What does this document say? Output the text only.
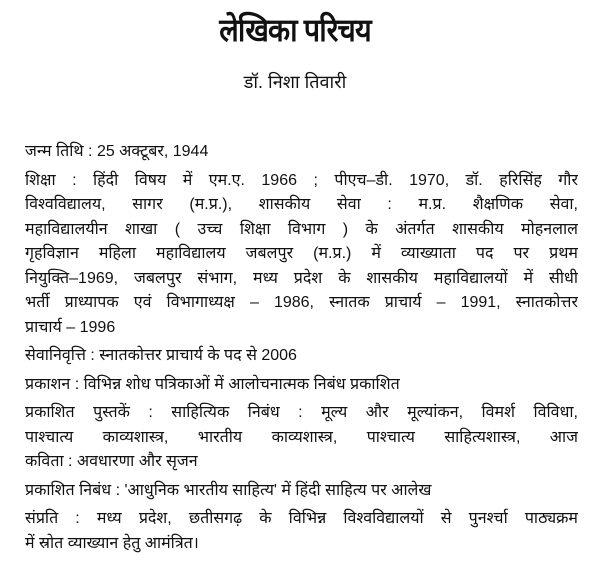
लेखिका परिचय
डॉ. निशा तिवारी
जन्म तिथि : 25 अक्टूबर, 1944
शिक्षा : हिंदी विषय में एम.ए. 1966 ; पीएच–डी. 1970, डॉ. हरिसिंह गौर
विश्वविद्यालय, सागर (म.प्र.), शासकीय सेवा : म.प्र. शैक्षणिक सेवा,
महाविद्यालयीन शाखा ( उच्च शिक्षा विभाग ) के अंतर्गत शासकीय मोहनलाल
गृहविज्ञान महिला महाविद्यालय जबलपुर (म.प्र.) में व्याख्याता पद पर प्रथम
नियुक्ति–1969, जबलपुर संभाग, मध्य प्रदेश के शासकीय महाविद्यालयों में सीधी
भर्ती प्राध्यापक एवं विभागाध्यक्ष – 1986, स्नातक प्राचार्य – 1991, स्नातकोत्तर
प्राचार्य – 1996
सेवानिवृत्ति : स्नातकोत्तर प्राचार्य के पद से 2006
प्रकाशन : विभिन्न शोध पत्रिकाओं में आलोचनात्मक निबंध प्रकाशित
प्रकाशित पुस्तकें : साहित्यिक निबंध : मूल्य और मूल्यांकन, विमर्श विविधा,
पाश्चात्य काव्यशास्त्र, भारतीय काव्यशास्त्र, पाश्चात्य साहित्यशास्त्र, आज
कविता : अवधारणा और सृजन
प्रकाशित निबंध : 'आधुनिक भारतीय साहित्य' में हिंदी साहित्य पर आलेख
संप्रति : मध्य प्रदेश, छतीसगढ़ के विभिन्न विश्वविद्यालयों से पुनर्श्चा पाठ्यक्रम
में स्रोत व्याख्यान हेतु आमंत्रित।
